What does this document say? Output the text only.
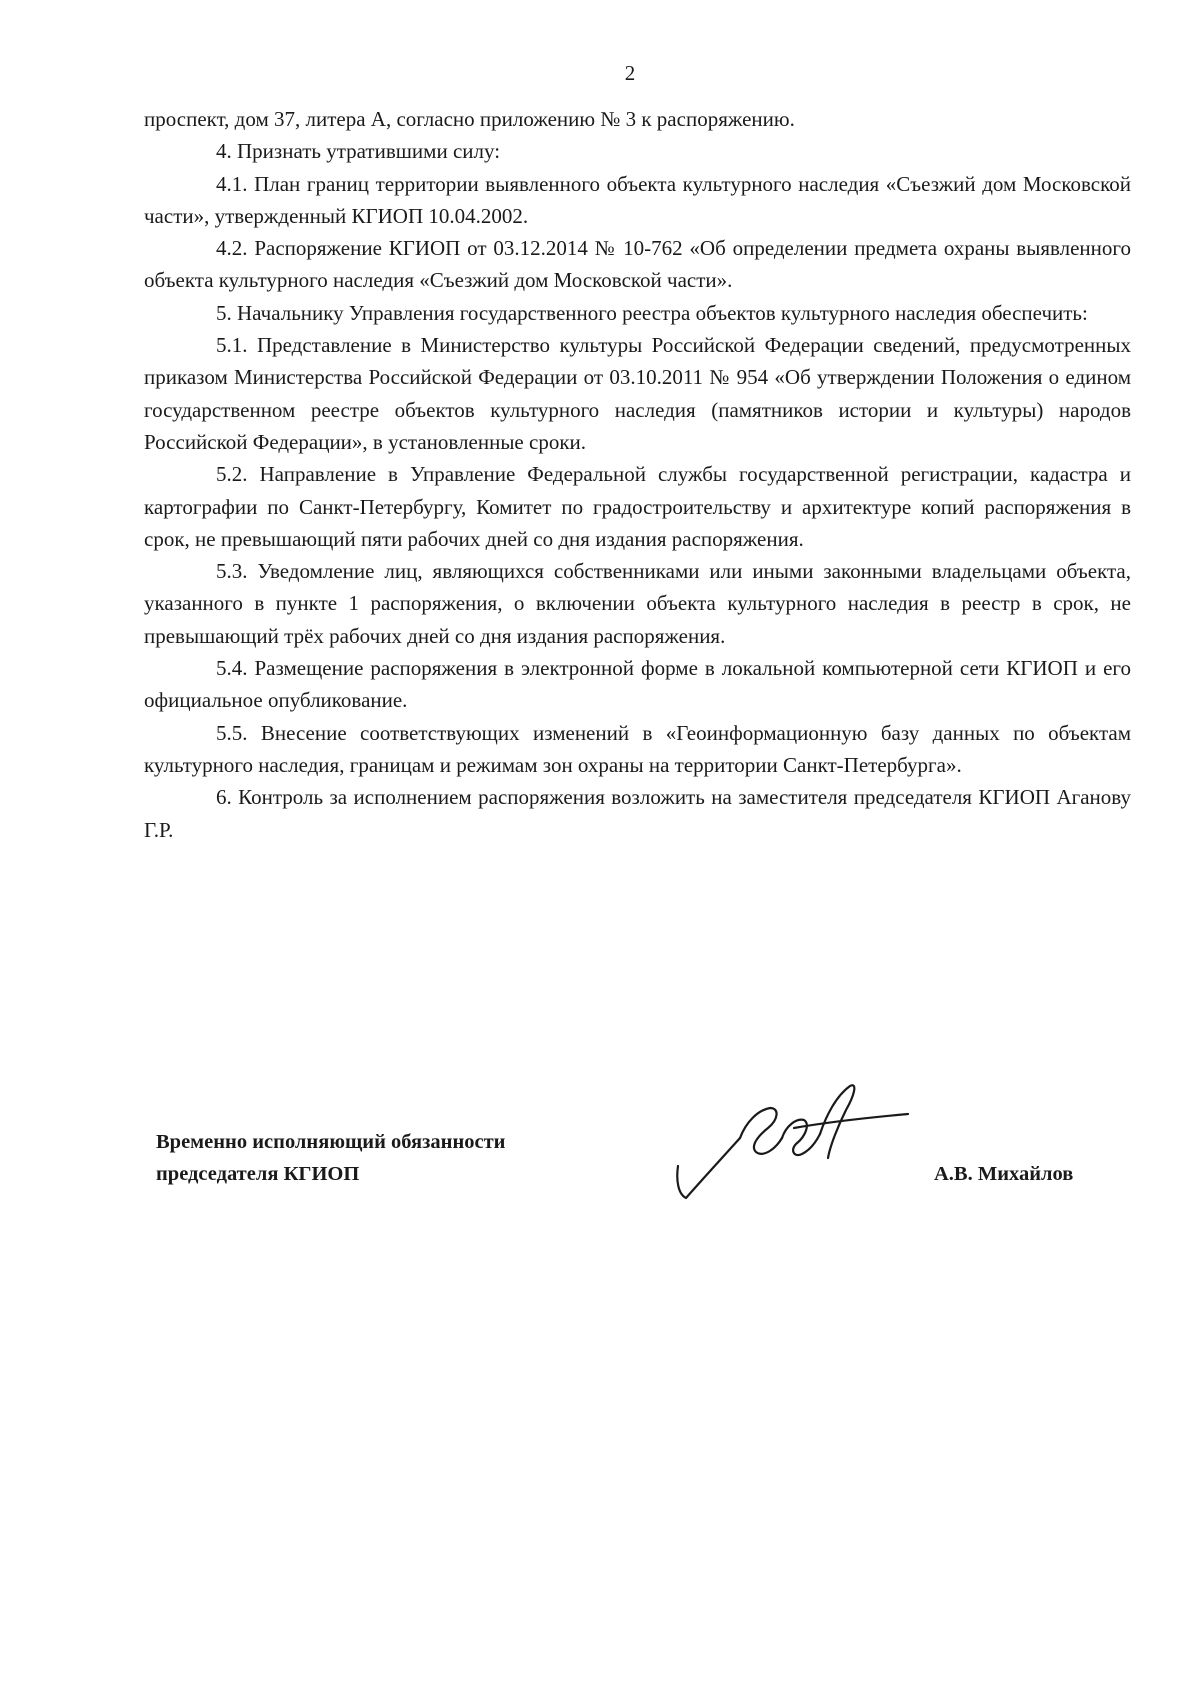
2

проспект, дом 37, литера А, согласно приложению № 3 к распоряжению.

4. Признать утратившими силу:

4.1. План границ территории выявленного объекта культурного наследия «Съезжий дом Московской части», утвержденный КГИОП 10.04.2002.

4.2. Распоряжение КГИОП от 03.12.2014 № 10-762 «Об определении предмета охраны выявленного объекта культурного наследия «Съезжий дом Московской части».

5. Начальнику Управления государственного реестра объектов культурного наследия обеспечить:

5.1. Представление в Министерство культуры Российской Федерации сведений, предусмотренных приказом Министерства Российской Федерации от 03.10.2011 № 954 «Об утверждении Положения о едином государственном реестре объектов культурного наследия (памятников истории и культуры) народов Российской Федерации», в установленные сроки.

5.2. Направление в Управление Федеральной службы государственной регистрации, кадастра и картографии по Санкт-Петербургу, Комитет по градостроительству и архитектуре копий распоряжения в срок, не превышающий пяти рабочих дней со дня издания распоряжения.

5.3. Уведомление лиц, являющихся собственниками или иными законными владельцами объекта, указанного в пункте 1 распоряжения, о включении объекта культурного наследия в реестр в срок, не превышающий трёх рабочих дней со дня издания распоряжения.

5.4. Размещение распоряжения в электронной форме в локальной компьютерной сети КГИОП и его официальное опубликование.

5.5. Внесение соответствующих изменений в «Геоинформационную базу данных по объектам культурного наследия, границам и режимам зон охраны на территории Санкт-Петербурга».

6. Контроль за исполнением распоряжения возложить на заместителя председателя КГИОП Аганову Г.Р.

Временно исполняющий обязанности
председателя КГИОП	А.В. Михайлов
